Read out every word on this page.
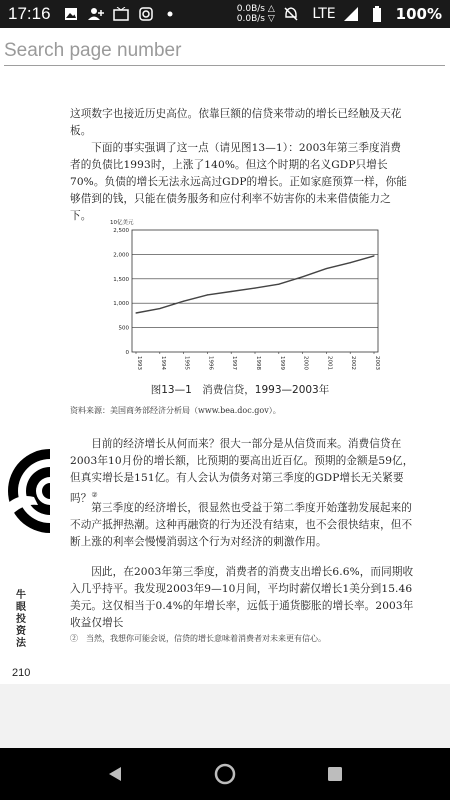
17:16	0.0B/s △
0.0B/s ▽	LTE	100%
Search page number
这项数字也接近历史高位。依靠巨额的信贷来带动的增长已经触及天花板。
下面的事实强调了这一点（请见图13—1）：2003年第三季度消费者的负债比1993时，上涨了140%。但这个时期的名义GDP只增长70%。负债的增长无法永远高过GDP的增长。正如家庭预算一样，你能够借到的钱，只能在债务服务和应付利率不妨害你的未来借债能力之下。
10亿美元
0
500
1,000
1,500
2,000
2,500
1993	1994	1995	1996	1997	1998	1999	2000	2001	2002	2003
图13—1　消费信贷，1993—2003年
资料来源：美国商务部经济分析局（www.bea.doc.gov）。
目前的经济增长从何而来？很大一部分是从信贷而来。消费信贷在2003年10月份的增长额，比预期的要高出近百亿。预期的金额是59亿，但真实增长是151亿。有人会认为债务对第三季度的GDP增长无关紧要吗？②
第三季度的经济增长，很显然也受益于第二季度开始蓬勃发展起来的不动产抵押热潮。这种再融资的行为还没有结束，也不会很快结束，但不断上涨的利率会慢慢消弱这个行为对经济的刺激作用。
因此，在2003年第三季度，消费者的消费支出增长6.6%，而同期收入几乎持平。我发现2003年9—10月间，平均时薪仅增长1美分到15.46美元。这仅相当于0.4%的年增长率，远低于通货膨胀的增长率。2003年收益仅增长
②　当然，我想你可能会说，信贷的增长意味着消费者对未来更有信心。
牛眼投资法
210
